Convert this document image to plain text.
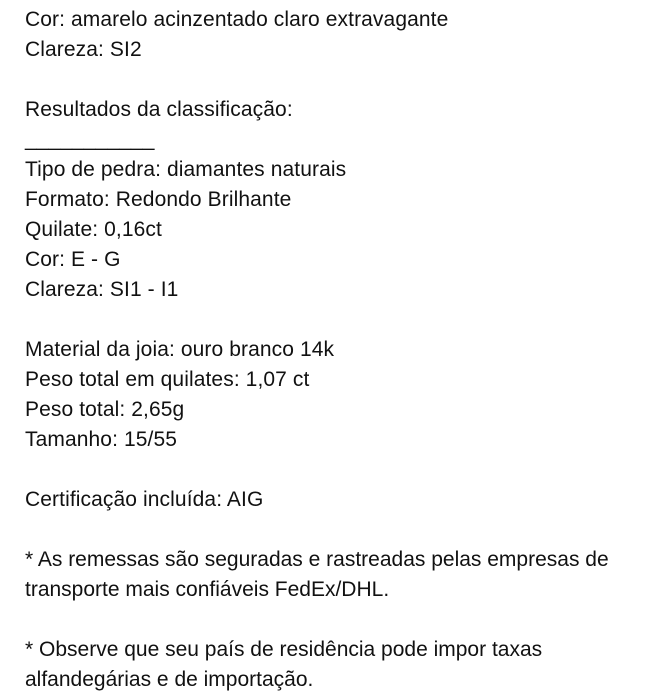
Cor: amarelo acinzentado claro extravagante
Clareza: SI2
Resultados da classificação:
___________
Tipo de pedra: diamantes naturais
Formato: Redondo Brilhante
Quilate: 0,16ct
Cor: E - G
Clareza: SI1 - I1
Material da joia: ouro branco 14k
Peso total em quilates: 1,07 ct
Peso total: 2,65g
Tamanho: 15/55
Certificação incluída: AIG
* As remessas são seguradas e rastreadas pelas empresas de transporte mais confiáveis FedEx/DHL.
* Observe que seu país de residência pode impor taxas alfandegárias e de importação.
